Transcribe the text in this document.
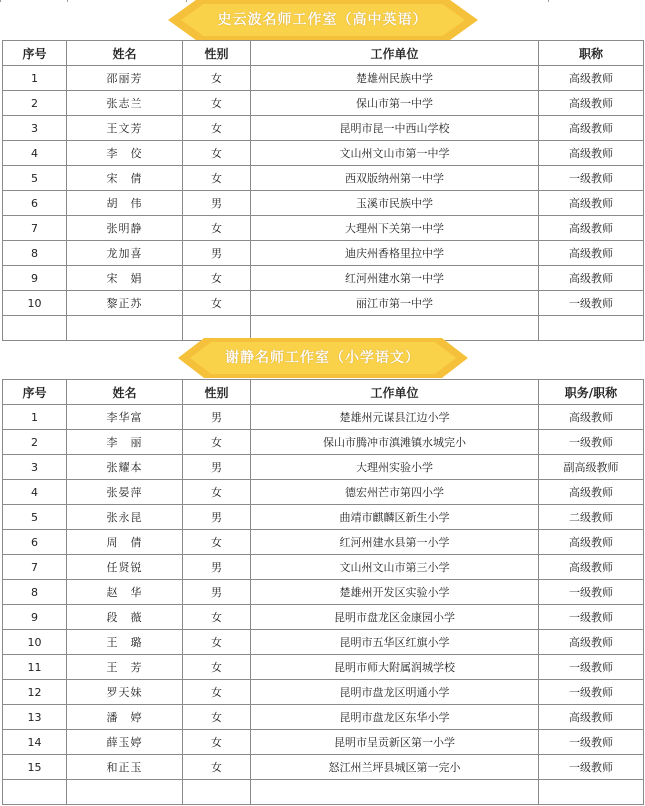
史云波名师工作室（高中英语）
序号	姓名	性别	工作单位	职称
1	邵丽芳	女	楚雄州民族中学	高级教师
2	张志兰	女	保山市第一中学	高级教师
3	王文芳	女	昆明市昆一中西山学校	高级教师
4	李　佼	女	文山州文山市第一中学	高级教师
5	宋　倩	女	西双版纳州第一中学	一级教师
6	胡　伟	男	玉溪市民族中学	高级教师
7	张明静	女	大理州下关第一中学	高级教师
8	龙加喜	男	迪庆州香格里拉中学	高级教师
9	宋　娟	女	红河州建水第一中学	高级教师
10	黎正苏	女	丽江市第一中学	一级教师

谢静名师工作室（小学语文）
序号	姓名	性别	工作单位	职务/职称
1	李华富	男	楚雄州元谋县江边小学	高级教师
2	李　丽	女	保山市腾冲市滇滩镇水城完小	一级教师
3	张耀本	男	大理州实验小学	副高级教师
4	张晏萍	女	德宏州芒市第四小学	高级教师
5	张永昆	男	曲靖市麒麟区新生小学	二级教师
6	周　倩	女	红河州建水县第一小学	高级教师
7	任贤锐	男	文山州文山市第三小学	高级教师
8	赵　华	男	楚雄州开发区实验小学	一级教师
9	段　薇	女	昆明市盘龙区金康园小学	一级教师
10	王　璐	女	昆明市五华区红旗小学	高级教师
11	王　芳	女	昆明市师大附属润城学校	一级教师
12	罗天妹	女	昆明市盘龙区明通小学	一级教师
13	潘　婷	女	昆明市盘龙区东华小学	高级教师
14	薛玉婷	女	昆明市呈贡新区第一小学	一级教师
15	和正玉	女	怒江州兰坪县城区第一完小	一级教师
